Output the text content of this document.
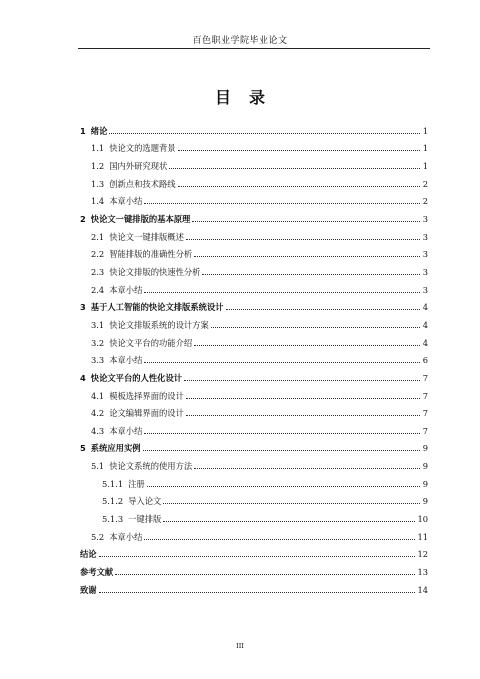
百色职业学院毕业论文
目录
1 绪论	1
1.1 快论文的选题背景	1
1.2 国内外研究现状	1
1.3 创新点和技术路线	2
1.4 本章小结	2
2 快论文一键排版的基本原理	3
2.1 快论文一键排版概述	3
2.2 智能排版的准确性分析	3
2.3 快论文排版的快速性分析	3
2.4 本章小结	3
3 基于人工智能的快论文排版系统设计	4
3.1 快论文排版系统的设计方案	4
3.2 快论文平台的功能介绍	4
3.3 本章小结	6
4 快论文平台的人性化设计	7
4.1 模板选择界面的设计	7
4.2 论文编辑界面的设计	7
4.3 本章小结	7
5 系统应用实例	9
5.1 快论文系统的使用方法	9
5.1.1 注册	9
5.1.2 导入论文	9
5.1.3 一键排版	10
5.2 本章小结	11
结论	12
参考文献	13
致谢	14
III
